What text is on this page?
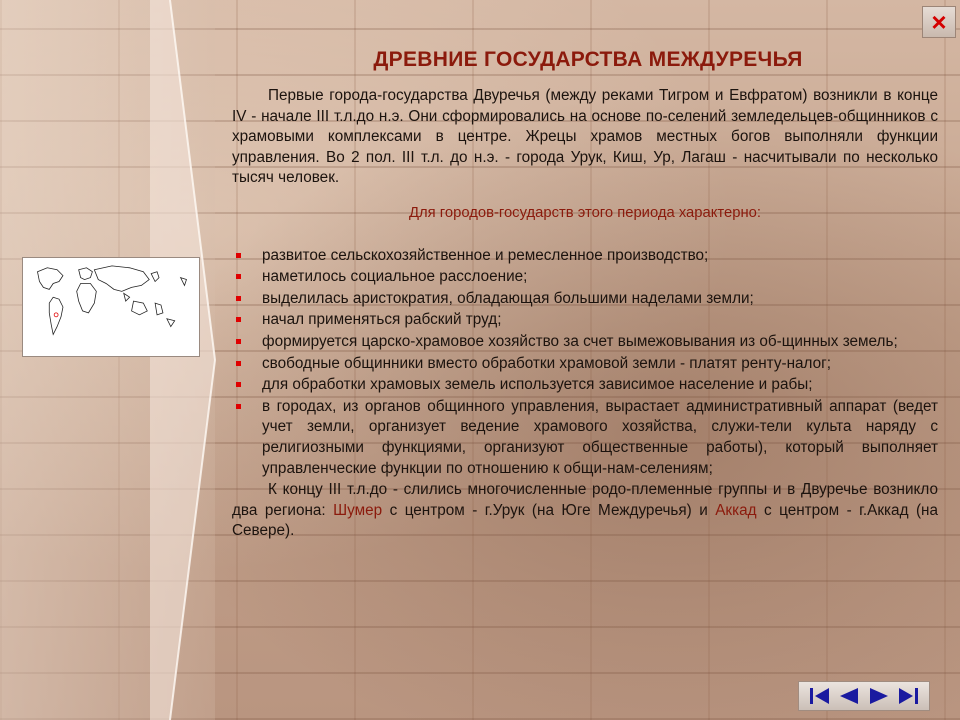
×
ДРЕВНИЕ ГОСУДАРСТВА МЕЖДУРЕЧЬЯ

Первые города-государства Двуречья (между реками Тигром и Евфратом) возникли в конце IV - начале III т.л.до н.э. Они сформировались на основе по-селений земледельцев-общинников с храмовыми комплексами в центре. Жрецы храмов местных богов выполняли функции управления. Во 2 пол. III т.л. до н.э. - города Урук, Киш, Ур, Лагаш - насчитывали по несколько тысяч человек.

Для городов-государств этого периода характерно:
развитое сельскохозяйственное и ремесленное производство;
наметилось социальное расслоение;
выделилась аристократия, обладающая большими наделами земли;
начал применяться рабский труд;
формируется царско-храмовое хозяйство за счет вымежовывания из об-щинных земель;
свободные общинники вместо обработки храмовой земли - платят ренту-налог;
для обработки храмовых земель используется зависимое население и рабы;
в городах, из органов общинного управления, вырастает административный аппарат (ведет учет земли, организует ведение храмового хозяйства, служи-тели культа наряду с религиозными функциями, организуют общественные работы), который выполняет управленческие функции по отношению к общи-нам-селениям;

К концу III т.л.до - слились многочисленные родо-племенные группы и в Двуречье возникло два региона: Шумер с центром - г.Урук (на Юге Междуречья) и Аккад с центром - г.Аккад (на Севере).
